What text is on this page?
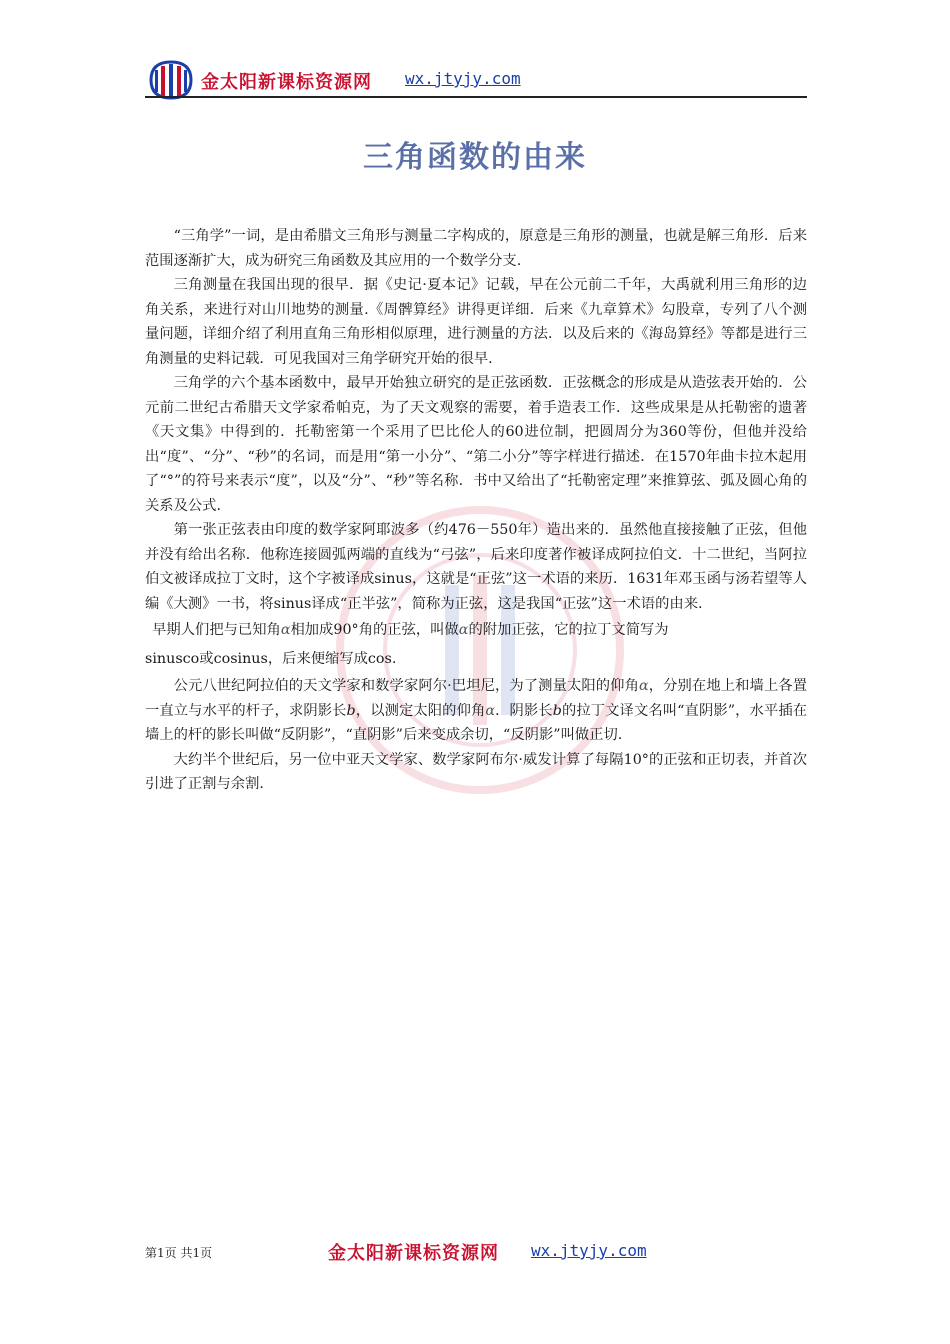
金太阳新课标资源网 wx.jtyjy.com
三角函数的由来

“三角学”一词，是由希腊文三角形与测量二字构成的，原意是三角形的测量，也就是解三角形．后来范围逐渐扩大，成为研究三角函数及其应用的一个数学分支.

三角测量在我国出现的很早．据《史记·夏本记》记载，早在公元前二千年，大禹就利用三角形的边角关系，来进行对山川地势的测量.《周髀算经》讲得更详细．后来《九章算术》勾股章，专列了八个测量问题，详细介绍了利用直角三角形相似原理，进行测量的方法．以及后来的《海岛算经》等都是进行三角测量的史料记载．可见我国对三角学研究开始的很早.

三角学的六个基本函数中，最早开始独立研究的是正弦函数．正弦概念的形成是从造弦表开始的．公元前二世纪古希腊天文学家希帕克，为了天文观察的需要，着手造表工作．这些成果是从托勒密的遗著《天文集》中得到的．托勒密第一个采用了巴比伦人的60进位制，把圆周分为360等份，但他并没给出“度”、“分”、“秒”的名词，而是用“第一小分”、“第二小分”等字样进行描述．在1570年曲卡拉木起用了“°”的符号来表示“度”，以及“分”、“秒”等名称．书中又给出了“托勒密定理”来推算弦、弧及圆心角的关系及公式.

第一张正弦表由印度的数学家阿耶波多（约476－550年）造出来的．虽然他直接接触了正弦，但他并没有给出名称．他称连接圆弧两端的直线为“弓弦”，后来印度著作被译成阿拉伯文．十二世纪，当阿拉伯文被译成拉丁文时，这个字被译成sinus，这就是“正弦”这一术语的来历．1631年邓玉函与汤若望等人编《大测》一书，将sinus译成“正半弦”，简称为正弦，这是我国“正弦”这一术语的由来.

早期人们把与已知角α相加成90°角的正弦，叫做α的附加正弦，它的拉丁文简写为

sinusco或cosinus，后来便缩写成cos.

公元八世纪阿拉伯的天文学家和数学家阿尔·巴坦尼，为了测量太阳的仰角α，分别在地上和墙上各置一直立与水平的杆子，求阴影长b，以测定太阳的仰角α．阴影长b的拉丁文译文名叫“直阴影”，水平插在墙上的杆的影长叫做“反阴影”，“直阴影”后来变成余切，“反阴影”叫做正切.

大约半个世纪后，另一位中亚天文学家、数学家阿布尔·威发计算了每隔10°的正弦和正切表，并首次引进了正割与余割.

第1页 共1页	金太阳新课标资源网 wx.jtyjy.com
